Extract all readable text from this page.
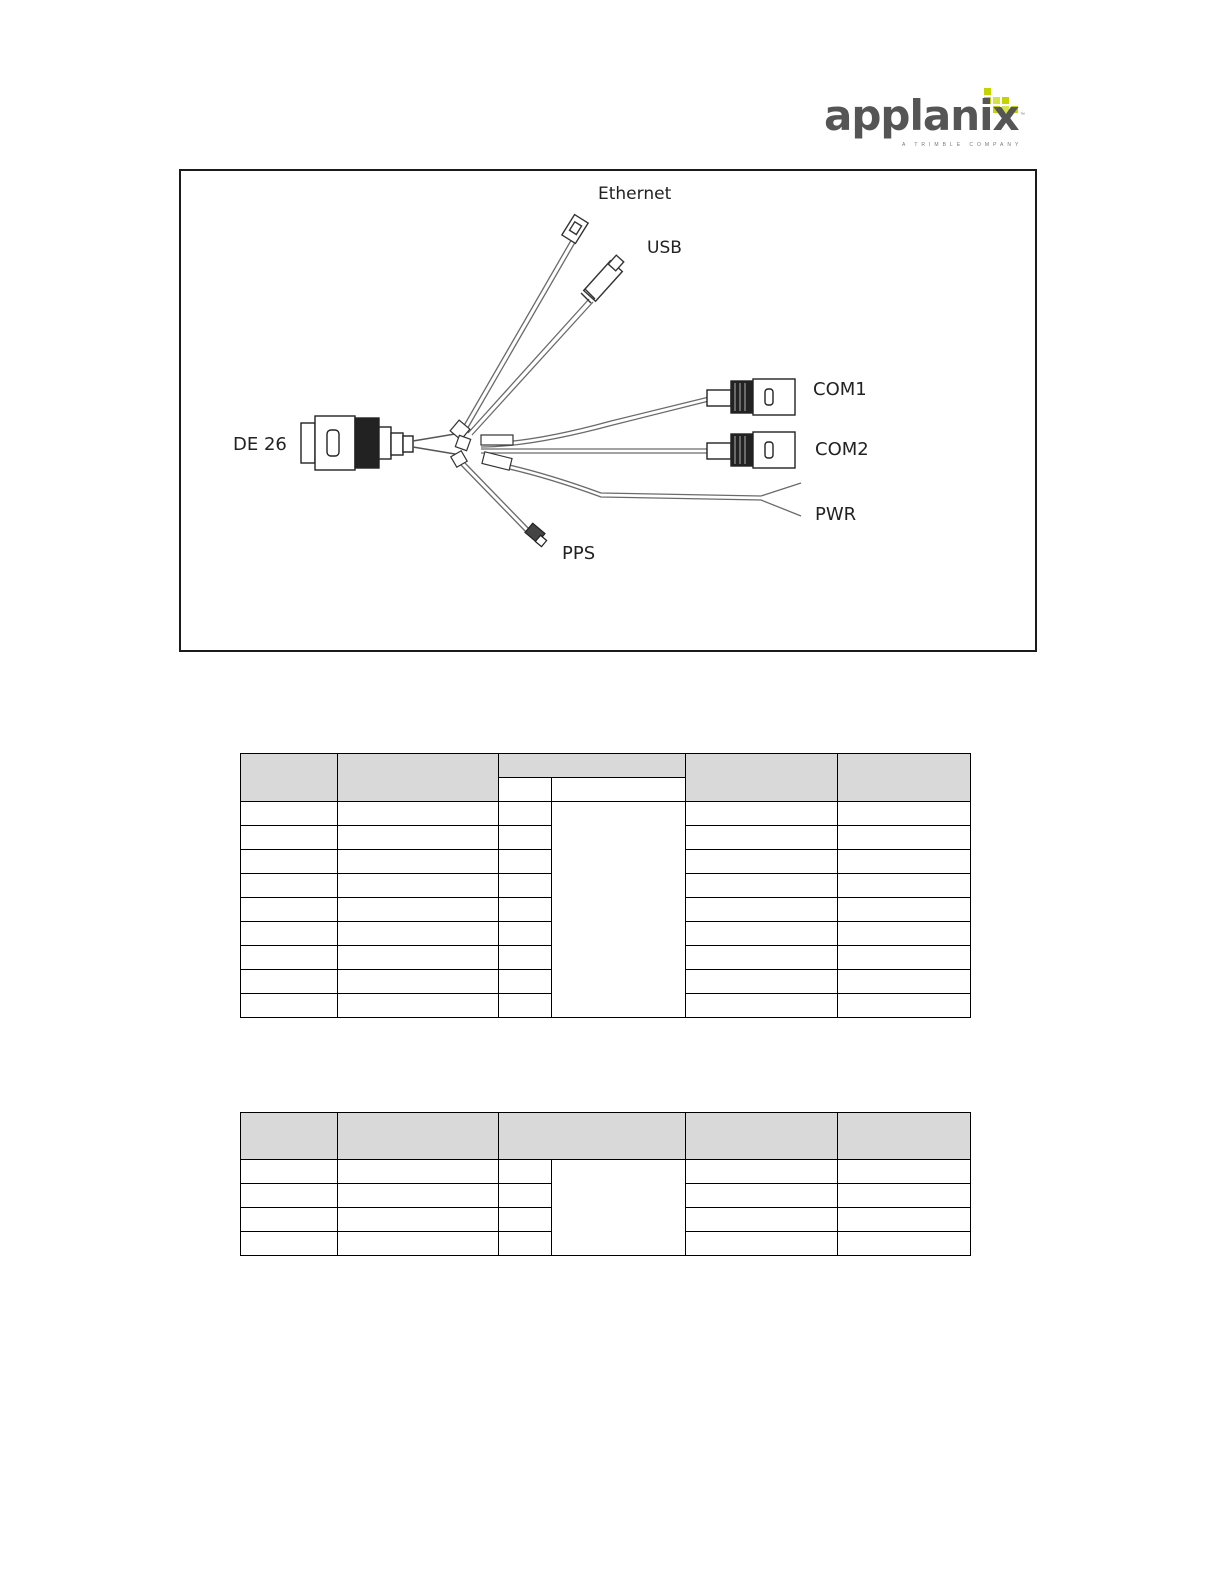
applanix ™
A TRIMBLE COMPANY
Ethernet
USB
COM1
COM2
DE 26
PWR
PPS
